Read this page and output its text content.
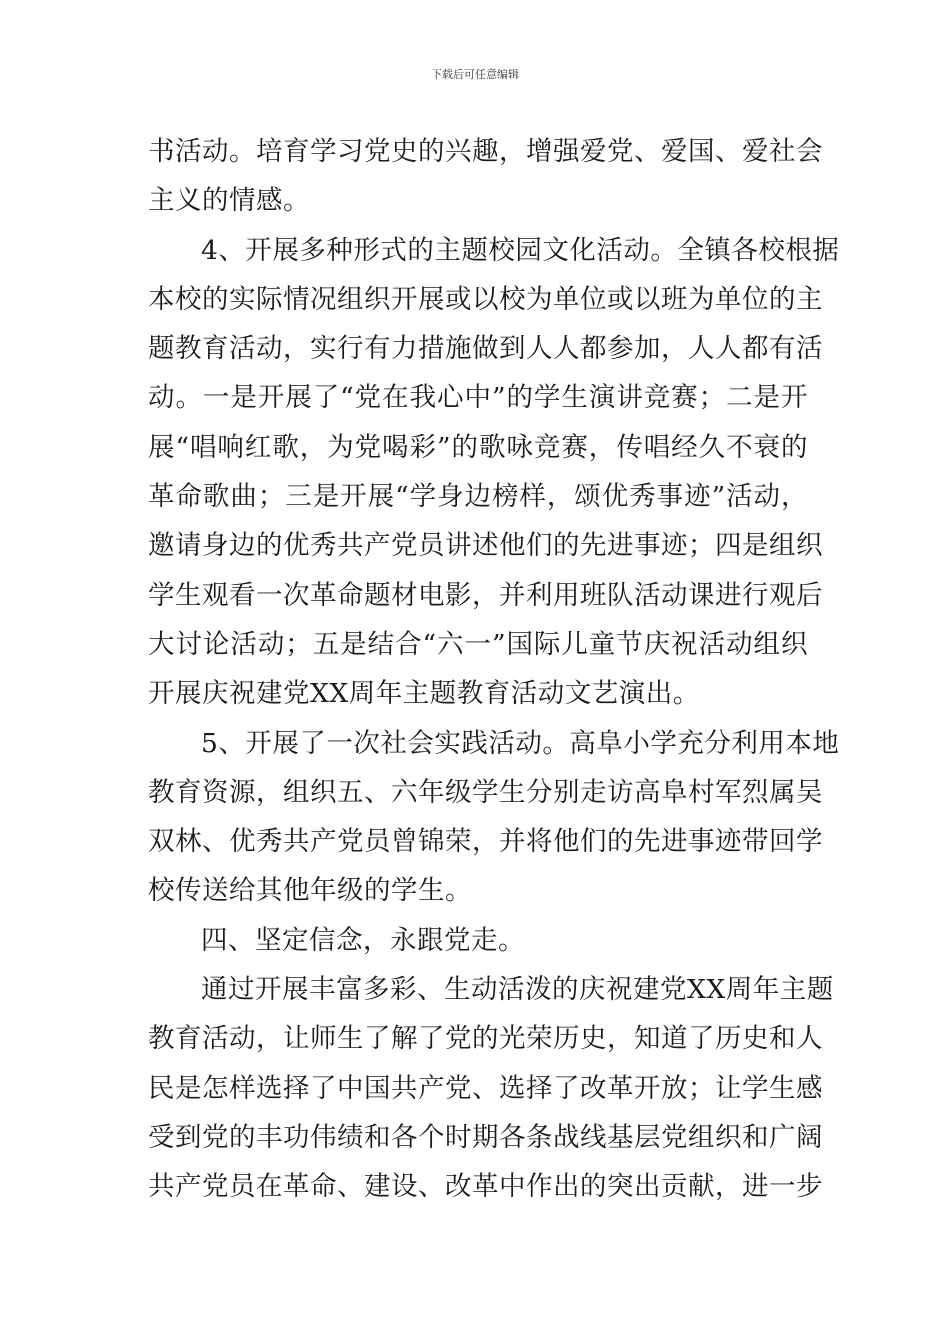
下载后可任意编辑
书活动。培育学习党史的兴趣，增强爱党、爱国、爱社会
主义的情感。
4、开展多种形式的主题校园文化活动。全镇各校根据
本校的实际情况组织开展或以校为单位或以班为单位的主
题教育活动，实行有力措施做到人人都参加，人人都有活
动。一是开展了“党在我心中”的学生演讲竞赛；二是开
展“唱响红歌，为党喝彩”的歌咏竞赛，传唱经久不衰的
革命歌曲；三是开展“学身边榜样，颂优秀事迹”活动，
邀请身边的优秀共产党员讲述他们的先进事迹；四是组织
学生观看一次革命题材电影，并利用班队活动课进行观后
大讨论活动；五是结合“六一”国际儿童节庆祝活动组织
开展庆祝建党XX周年主题教育活动文艺演出。
5、开展了一次社会实践活动。高阜小学充分利用本地
教育资源，组织五、六年级学生分别走访高阜村军烈属吴
双林、优秀共产党员曾锦荣，并将他们的先进事迹带回学
校传送给其他年级的学生。
四、坚定信念，永跟党走。
通过开展丰富多彩、生动活泼的庆祝建党XX周年主题
教育活动，让师生了解了党的光荣历史，知道了历史和人
民是怎样选择了中国共产党、选择了改革开放；让学生感
受到党的丰功伟绩和各个时期各条战线基层党组织和广阔
共产党员在革命、建设、改革中作出的突出贡献，进一步
